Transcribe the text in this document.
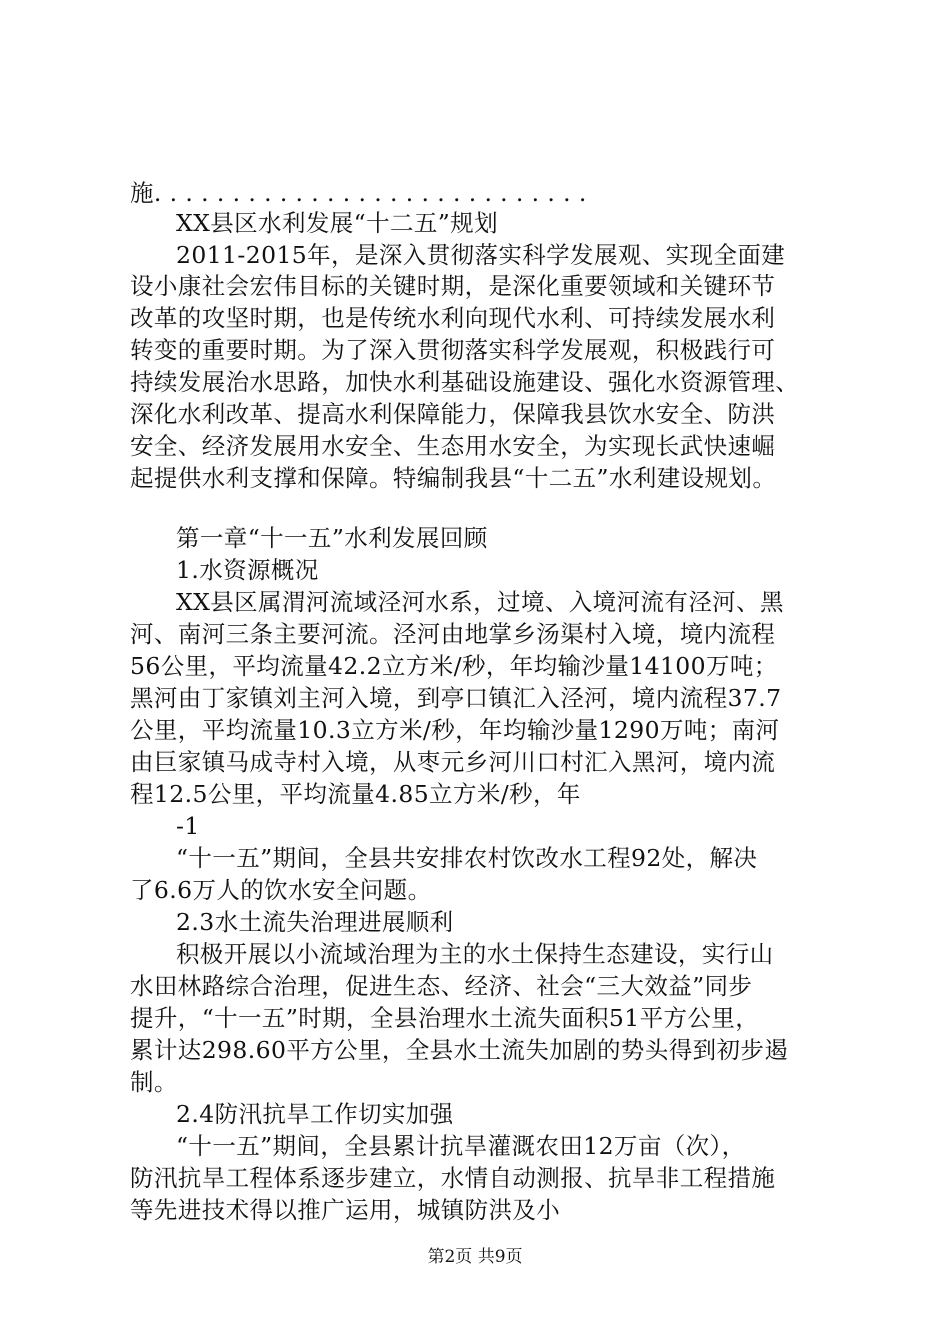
施. . . . . . . . . . . . . . . . . . . . . . . . . . . .
XX县区水利发展“十二五”规划
2011-2015年，是深入贯彻落实科学发展观、实现全面建
设小康社会宏伟目标的关键时期，是深化重要领域和关键环节
改革的攻坚时期，也是传统水利向现代水利、可持续发展水利
转变的重要时期。为了深入贯彻落实科学发展观，积极践行可
持续发展治水思路，加快水利基础设施建设、强化水资源管理、
深化水利改革、提高水利保障能力，保障我县饮水安全、防洪
安全、经济发展用水安全、生态用水安全，为实现长武快速崛
起提供水利支撑和保障。特编制我县“十二五”水利建设规划。
第一章“十一五”水利发展回顾
1.水资源概况
XX县区属渭河流域泾河水系，过境、入境河流有泾河、黑
河、南河三条主要河流。泾河由地掌乡汤渠村入境，境内流程
56公里，平均流量42.2立方米/秒，年均输沙量14100万吨；
黑河由丁家镇刘主河入境，到亭口镇汇入泾河，境内流程37.7
公里，平均流量10.3立方米/秒，年均输沙量1290万吨；南河
由巨家镇马成寺村入境，从枣元乡河川口村汇入黑河，境内流
程12.5公里，平均流量4.85立方米/秒，年
-1
“十一五”期间，全县共安排农村饮改水工程92处，解决
了6.6万人的饮水安全问题。
2.3水土流失治理进展顺利
积极开展以小流域治理为主的水土保持生态建设，实行山
水田林路综合治理，促进生态、经济、社会“三大效益”同步
提升，“十一五”时期，全县治理水土流失面积51平方公里，
累计达298.60平方公里，全县水土流失加剧的势头得到初步遏
制。
2.4防汛抗旱工作切实加强
“十一五”期间，全县累计抗旱灌溉农田12万亩（次），
防汛抗旱工程体系逐步建立，水情自动测报、抗旱非工程措施
等先进技术得以推广运用，城镇防洪及小
第2页 共9页
